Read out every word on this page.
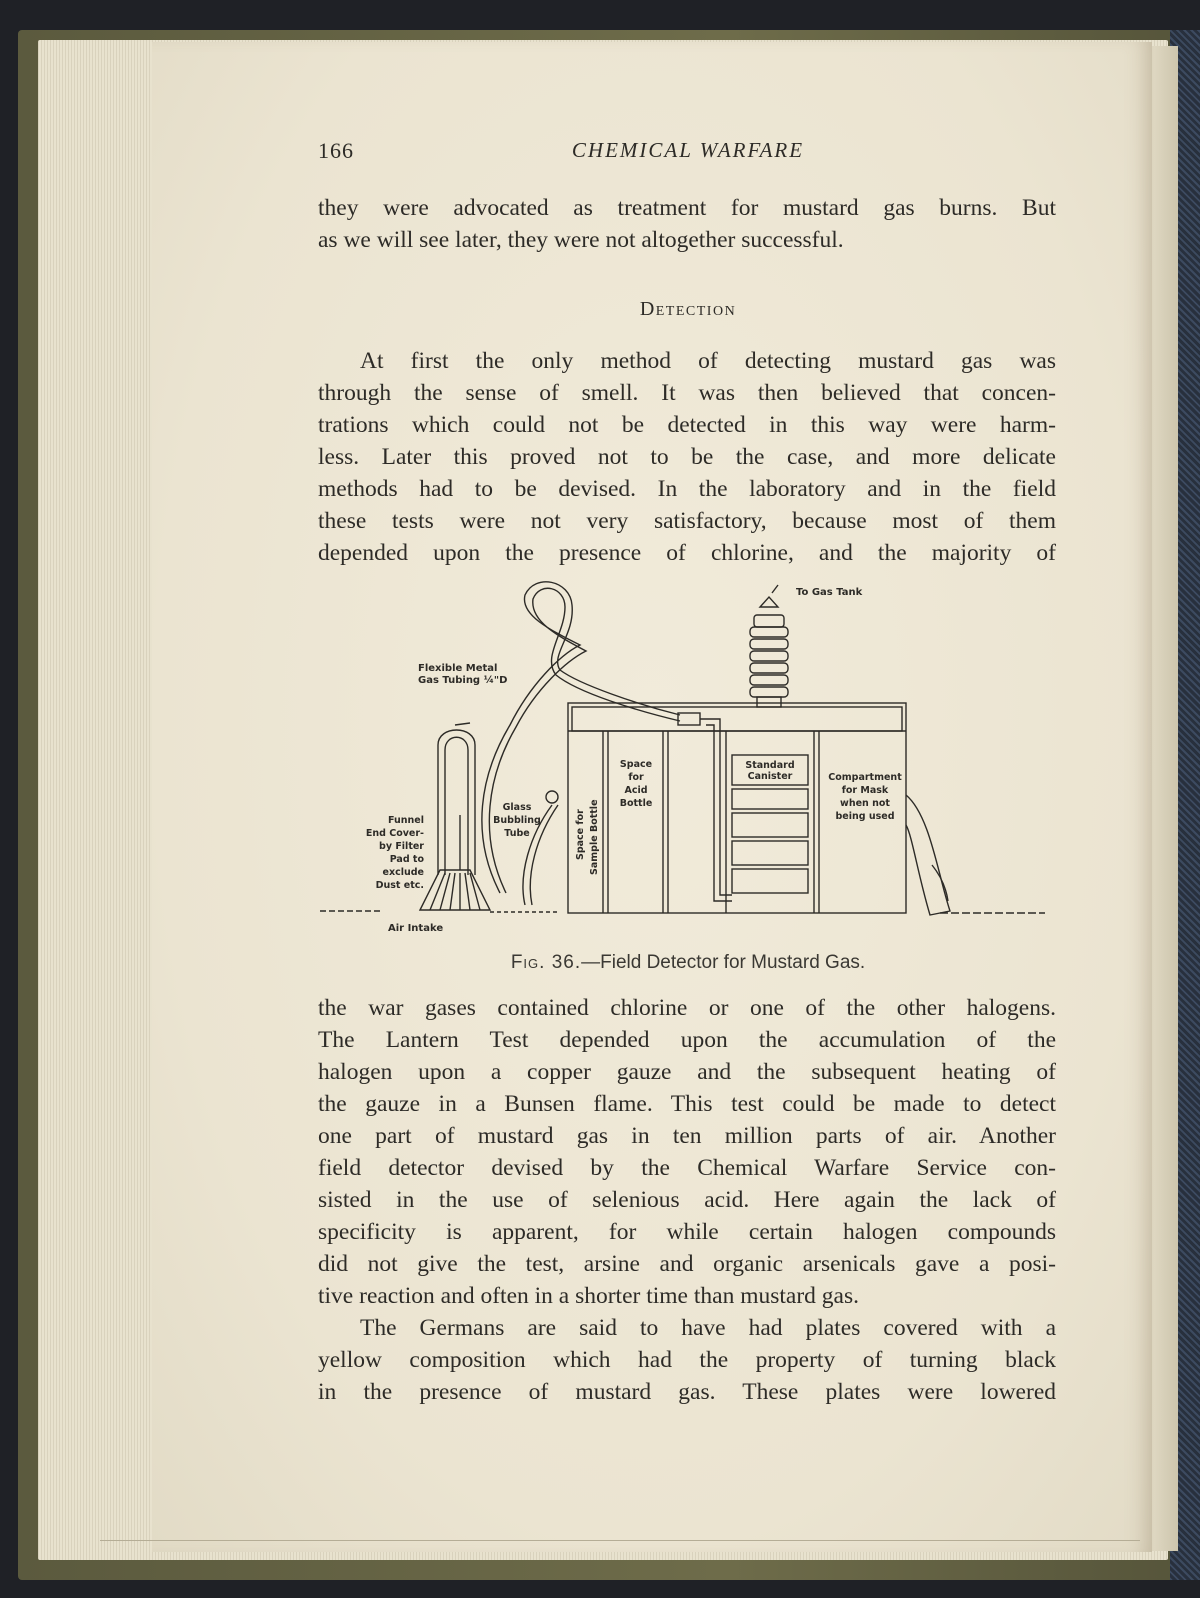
166	CHEMICAL WARFARE

they were advocated as treatment for mustard gas burns. But
as we will see later, they were not altogether successful.

Detection

At first the only method of detecting mustard gas was
through the sense of smell. It was then believed that concen-
trations which could not be detected in this way were harm-
less. Later this proved not to be the case, and more delicate
methods had to be devised. In the laboratory and in the field
these tests were not very satisfactory, because most of them
depended upon the presence of chlorine, and the majority of

To Gas Tank
Flexible Metal
Gas Tubing ¼"D
Standard
Canister	Compartment
for Mask
when not
being used
Space
for
Acid
Bottle
Space for Sample Bottle
Glass
Bubbling
Tube
Funnel
End Cover-
by Filter
Pad to
exclude
Dust etc.
Air Intake
Fig. 36.—Field Detector for Mustard Gas.

the war gases contained chlorine or one of the other halogens.
The Lantern Test depended upon the accumulation of the
halogen upon a copper gauze and the subsequent heating of
the gauze in a Bunsen flame. This test could be made to detect
one part of mustard gas in ten million parts of air. Another
field detector devised by the Chemical Warfare Service con-
sisted in the use of selenious acid. Here again the lack of
specificity is apparent, for while certain halogen compounds
did not give the test, arsine and organic arsenicals gave a posi-
tive reaction and often in a shorter time than mustard gas.

The Germans are said to have had plates covered with a
yellow composition which had the property of turning black
in the presence of mustard gas. These plates were lowered
